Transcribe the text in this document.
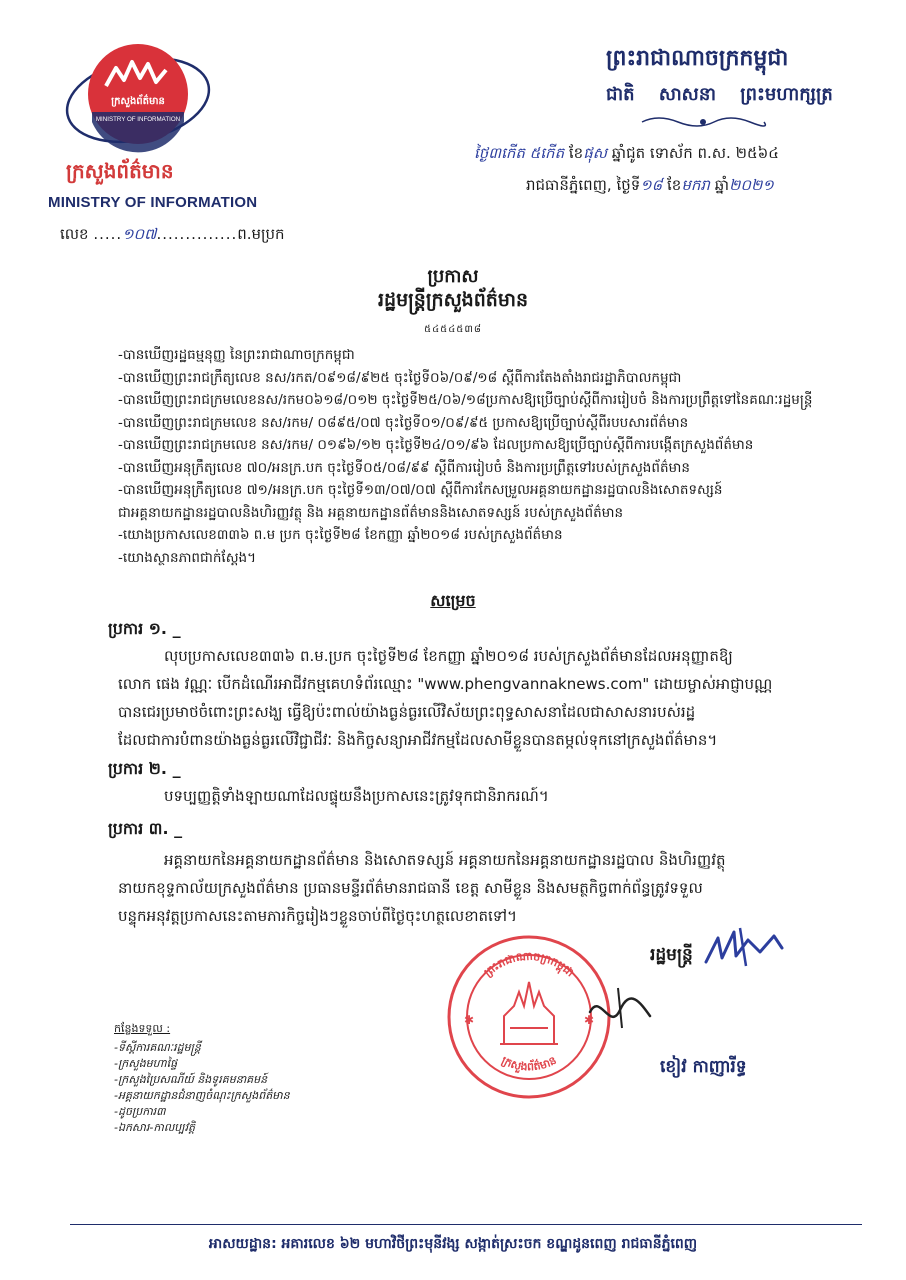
ក្រសួងព័ត៌មាន
MINISTRY OF INFORMATION
ក្រសួងព័ត៌មាន
MINISTRY OF INFORMATION
លេខ .....១០៧..............ព.មប្រក
ព្រះរាជាណាចក្រកម្ពុជា
ជាតិ សាសនា ព្រះមហាក្សត្រ
ថ្ងៃ៣កើត ៥កើត ខែផុស ឆ្នាំជូត ទោស័ក ព.ស. ២៥៦៤
រាជធានីភ្នំពេញ, ថ្ងៃទី១៨ ខែមករា ឆ្នាំ២០២១
ប្រកាស
រដ្ឋមន្ត្រីក្រសួងព័ត៌មាន
៥៤៥៤៥៣៨
-បានឃើញរដ្ឋធម្មនុញ្ញ នៃព្រះរាជាណាចក្រកម្ពុជា
-បានឃើញព្រះរាជក្រឹត្យលេខ នស/រកត/០៩១៨/៩២៥ ចុះថ្ងៃទី០៦/០៩/១៨ ស្តីពីការតែងតាំងរាជរដ្ឋាភិបាលកម្ពុជា
-បានឃើញព្រះរាជក្រមលេខនស/រកម០៦១៨/០១២ ចុះថ្ងៃទី២៥/០៦/១៨ប្រកាសឱ្យប្រើច្បាប់ស្តីពីការរៀបចំ និងការប្រព្រឹត្តទៅនៃគណៈរដ្ឋមន្ត្រី
-បានឃើញព្រះរាជក្រមលេខ នស/រកម/ ០៨៩៥/០៧ ចុះថ្ងៃទី០១/០៩/៩៥ ប្រកាសឱ្យប្រើច្បាប់ស្តីពីរបបសារព័ត៌មាន
-បានឃើញព្រះរាជក្រមលេខ នស/រកម/ ០១៩៦/១២ ចុះថ្ងៃទី២៤/០១/៩៦ ដែលប្រកាសឱ្យប្រើច្បាប់ស្តីពីការបង្កើតក្រសួងព័ត៌មាន
-បានឃើញអនុក្រឹត្យលេខ ៧០/អនក្រ.បក ចុះថ្ងៃទី០៥/០៨/៩៩ ស្តីពីការរៀបចំ និងការប្រព្រឹត្តទៅរបស់ក្រសួងព័ត៌មាន
-បានឃើញអនុក្រឹត្យលេខ ៧១/អនក្រ.បក ចុះថ្ងៃទី១៣/០៧/០៧ ស្តីពីការកែសម្រួលអគ្គនាយកដ្ឋានរដ្ឋបាលនិងសោតទស្សន៍
ជាអគ្គនាយកដ្ឋានរដ្ឋបាលនិងហិរញ្ញវត្ថុ និង អគ្គនាយកដ្ឋានព័ត៌មាននិងសោតទស្សន៍ របស់ក្រសួងព័ត៌មាន
-យោងប្រកាសលេខ៣៣៦ ព.ម ប្រក ចុះថ្ងៃទី២៨ ខែកញ្ញា ឆ្នាំ២០១៨ របស់ក្រសួងព័ត៌មាន
-យោងស្ថានភាពជាក់ស្តែង។
សម្រេច
ប្រការ ១. _
លុបប្រកាសលេខ៣៣៦ ព.ម.ប្រក ចុះថ្ងៃទី២៨ ខែកញ្ញា ឆ្នាំ២០១៨ របស់ក្រសួងព័ត៌មានដែលអនុញ្ញាតឱ្យ
លោក ផេង វណ្ណៈ បើកដំណើរអាជីវកម្មគេហទំព័រឈ្មោះ "www.phengvannaknews.com" ដោយម្ចាស់អាជ្ញាបណ្ណ
បានជេរប្រមាថចំពោះព្រះសង្ឃ ធ្វើឱ្យប៉ះពាល់យ៉ាងធ្ងន់ធ្ងរលើវិស័យព្រះពុទ្ធសាសនាដែលជាសាសនារបស់រដ្ឋ
ដែលជាការបំពានយ៉ាងធ្ងន់ធ្ងរលើវិជ្ជាជីវៈ និងកិច្ចសន្យាអាជីវកម្មដែលសាមីខ្លួនបានតម្កល់ទុកនៅក្រសួងព័ត៌មាន។
ប្រការ ២. _
បទប្បញ្ញត្តិទាំងឡាយណាដែលផ្ទុយនឹងប្រកាសនេះត្រូវទុកជានិរាករណ៍។
ប្រការ ៣. _
អគ្គនាយកនៃអគ្គនាយកដ្ឋានព័ត៌មាន និងសោតទស្សន៍ អគ្គនាយកនៃអគ្គនាយកដ្ឋានរដ្ឋបាល និងហិរញ្ញវត្ថុ
នាយកខុទ្ទកាល័យក្រសួងព័ត៌មាន ប្រធានមន្ទីរព័ត៌មានរាជធានី ខេត្ត សាមីខ្លួន និងសមត្ថកិច្ចពាក់ព័ន្ធត្រូវទទួល
បន្ទុកអនុវត្តប្រកាសនេះតាមភារកិច្ចរៀងៗខ្លួនចាប់ពីថ្ងៃចុះហត្ថលេខាតទៅ។
ព្រះរាជាណាចក្រកម្ពុជា
ក្រសួងព័ត៌មាន
✱	✱
រដ្ឋមន្ត្រី
ខៀវ កាញារីទ្ធ
កន្លែងទទួល :
-ទីស្តីការគណៈរដ្ឋមន្ត្រី
-ក្រសួងមហាផ្ទៃ
-ក្រសួងប្រៃសណីយ៍ និងទូរគមនាគមន៍
-អគ្គនាយកដ្ឋានជំនាញចំណុះក្រសួងព័ត៌មាន
-ដូចប្រការ៣
-ឯកសារ-កាលប្បវត្តិ
អាសយដ្ឋាន: អគារលេខ ៦២ មហាវិថីព្រះមុនីវង្ស សង្កាត់ស្រះចក ខណ្ឌដូនពេញ រាជធានីភ្នំពេញ
